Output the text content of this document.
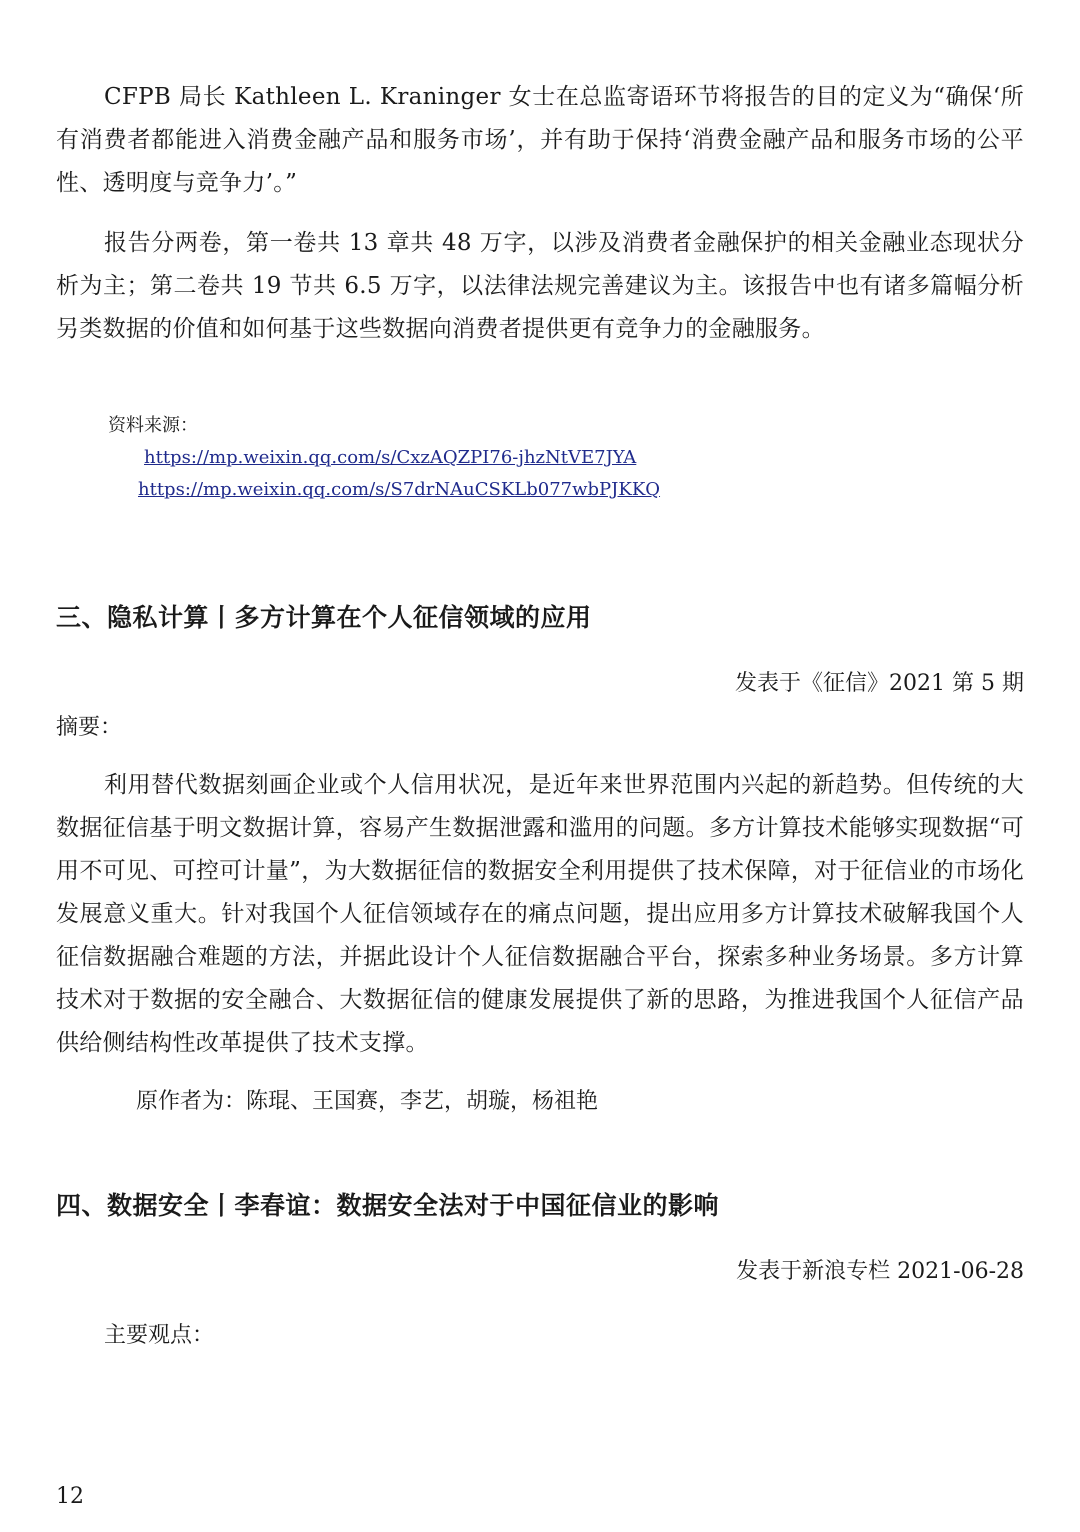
CFPB 局长 Kathleen L. Kraninger 女士在总监寄语环节将报告的目的定义为“确保‘所有消费者都能进入消费金融产品和服务市场’，并有助于保持‘消费金融产品和服务市场的公平性、透明度与竞争力’。”

报告分两卷，第一卷共 13 章共 48 万字，以涉及消费者金融保护的相关金融业态现状分析为主；第二卷共 19 节共 6.5 万字，以法律法规完善建议为主。该报告中也有诸多篇幅分析另类数据的价值和如何基于这些数据向消费者提供更有竞争力的金融服务。

资料来源：
https://mp.weixin.qq.com/s/CxzAQZPI76-jhzNtVE7JYA
https://mp.weixin.qq.com/s/S7drNAuCSKLb077wbPJKKQ
三、隐私计算丨多方计算在个人征信领域的应用

发表于《征信》2021 第 5 期

摘要：

利用替代数据刻画企业或个人信用状况，是近年来世界范围内兴起的新趋势。但传统的大数据征信基于明文数据计算，容易产生数据泄露和滥用的问题。多方计算技术能够实现数据“可用不可见、可控可计量”，为大数据征信的数据安全利用提供了技术保障，对于征信业的市场化发展意义重大。针对我国个人征信领域存在的痛点问题，提出应用多方计算技术破解我国个人征信数据融合难题的方法，并据此设计个人征信数据融合平台，探索多种业务场景。多方计算技术对于数据的安全融合、大数据征信的健康发展提供了新的思路，为推进我国个人征信产品供给侧结构性改革提供了技术支撑。

原作者为：陈琨、王国赛，李艺，胡璇，杨祖艳

四、数据安全丨李春谊：数据安全法对于中国征信业的影响

发表于新浪专栏 2021-06-28

主要观点：

12
